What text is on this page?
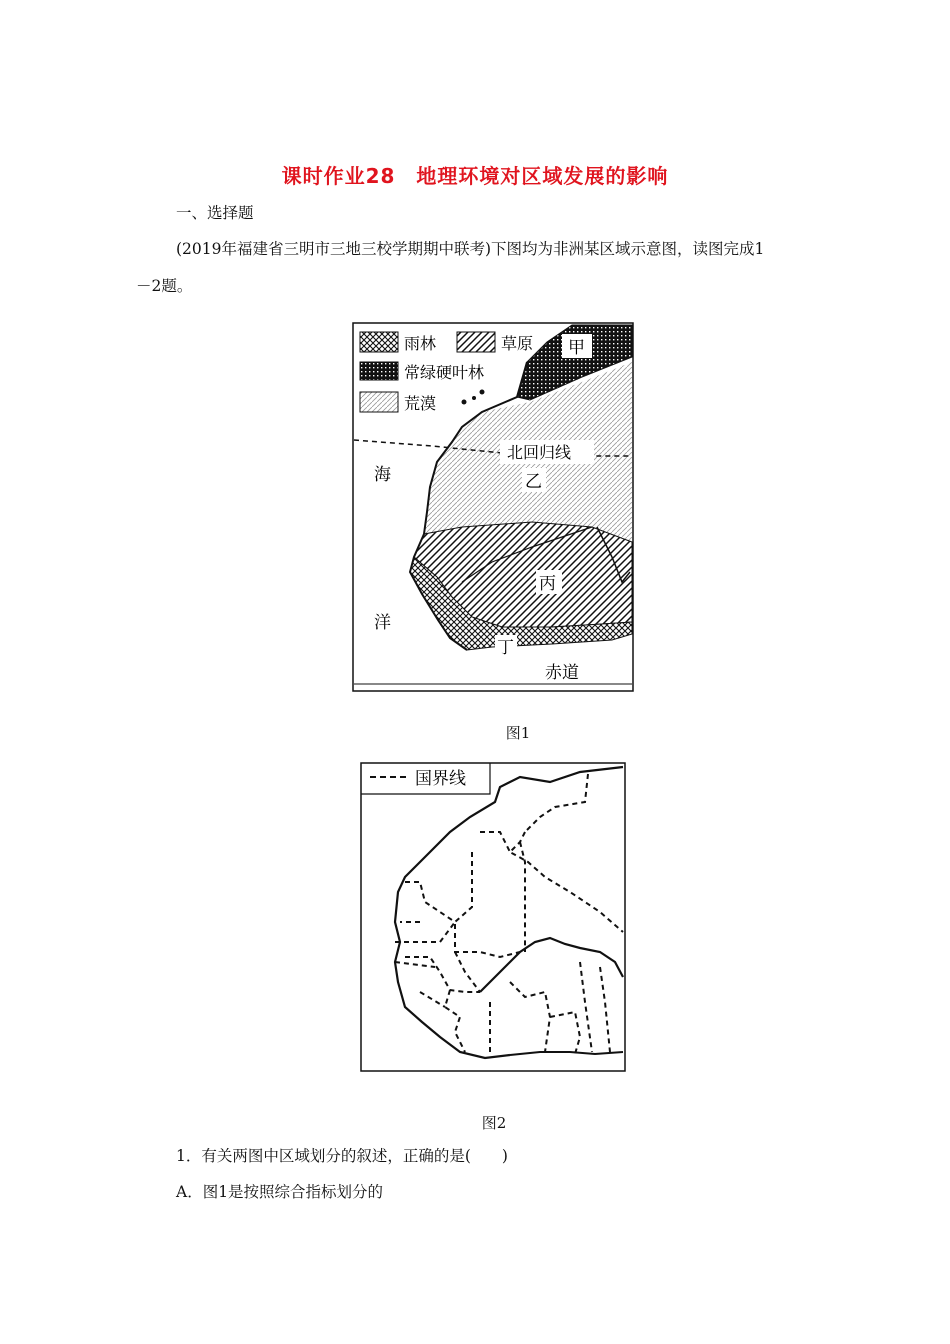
课时作业28　地理环境对区域发展的影响
一、选择题
(2019年福建省三明市三地三校学期期中联考)下图均为非洲某区域示意图，读图完成1
－2题。
雨林	草原
常绿硬叶林
荒漠
甲
北回归线
乙
丙
丁
海
洋
赤道
图1
国界线
图2
1．有关两图中区域划分的叙述，正确的是(　　)
A．图1是按照综合指标划分的
